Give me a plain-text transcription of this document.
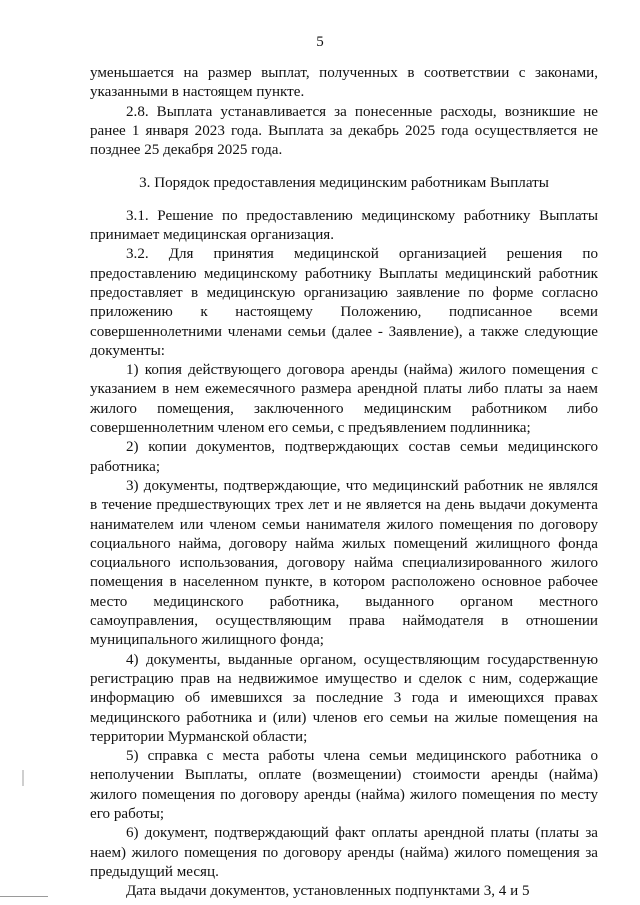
5

уменьшается на размер выплат, полученных в соответствии с законами, указанными в настоящем пункте.

2.8. Выплата устанавливается за понесенные расходы, возникшие не ранее 1 января 2023 года. Выплата за декабрь 2025 года осуществляется не позднее 25 декабря 2025 года.

3. Порядок предоставления медицинским работникам Выплаты

3.1. Решение по предоставлению медицинскому работнику Выплаты принимает медицинская организация.

3.2. Для принятия медицинской организацией решения по предоставлению медицинскому работнику Выплаты медицинский работник предоставляет в медицинскую организацию заявление по форме согласно приложению к настоящему Положению, подписанное всеми совершеннолетними членами семьи (далее - Заявление), а также следующие документы:

1) копия действующего договора аренды (найма) жилого помещения с указанием в нем ежемесячного размера арендной платы либо платы за наем жилого помещения, заключенного медицинским работником либо совершеннолетним членом его семьи, с предъявлением подлинника;

2) копии документов, подтверждающих состав семьи медицинского работника;

3) документы, подтверждающие, что медицинский работник не являлся в течение предшествующих трех лет и не является на день выдачи документа нанимателем или членом семьи нанимателя жилого помещения по договору социального найма, договору найма жилых помещений жилищного фонда социального использования, договору найма специализированного жилого помещения в населенном пункте, в котором расположено основное рабочее место медицинского работника, выданного органом местного самоуправления, осуществляющим права наймодателя в отношении муниципального жилищного фонда;

4) документы, выданные органом, осуществляющим государственную регистрацию прав на недвижимое имущество и сделок с ним, содержащие информацию об имевшихся за последние 3 года и имеющихся правах медицинского работника и (или) членов его семьи на жилые помещения на территории Мурманской области;

5) справка с места работы члена семьи медицинского работника о неполучении Выплаты, оплате (возмещении) стоимости аренды (найма) жилого помещения по договору аренды (найма) жилого помещения по месту его работы;

6) документ, подтверждающий факт оплаты арендной платы (платы за наем) жилого помещения по договору аренды (найма) жилого помещения за предыдущий месяц.

Дата выдачи документов, установленных подпунктами 3, 4 и 5
